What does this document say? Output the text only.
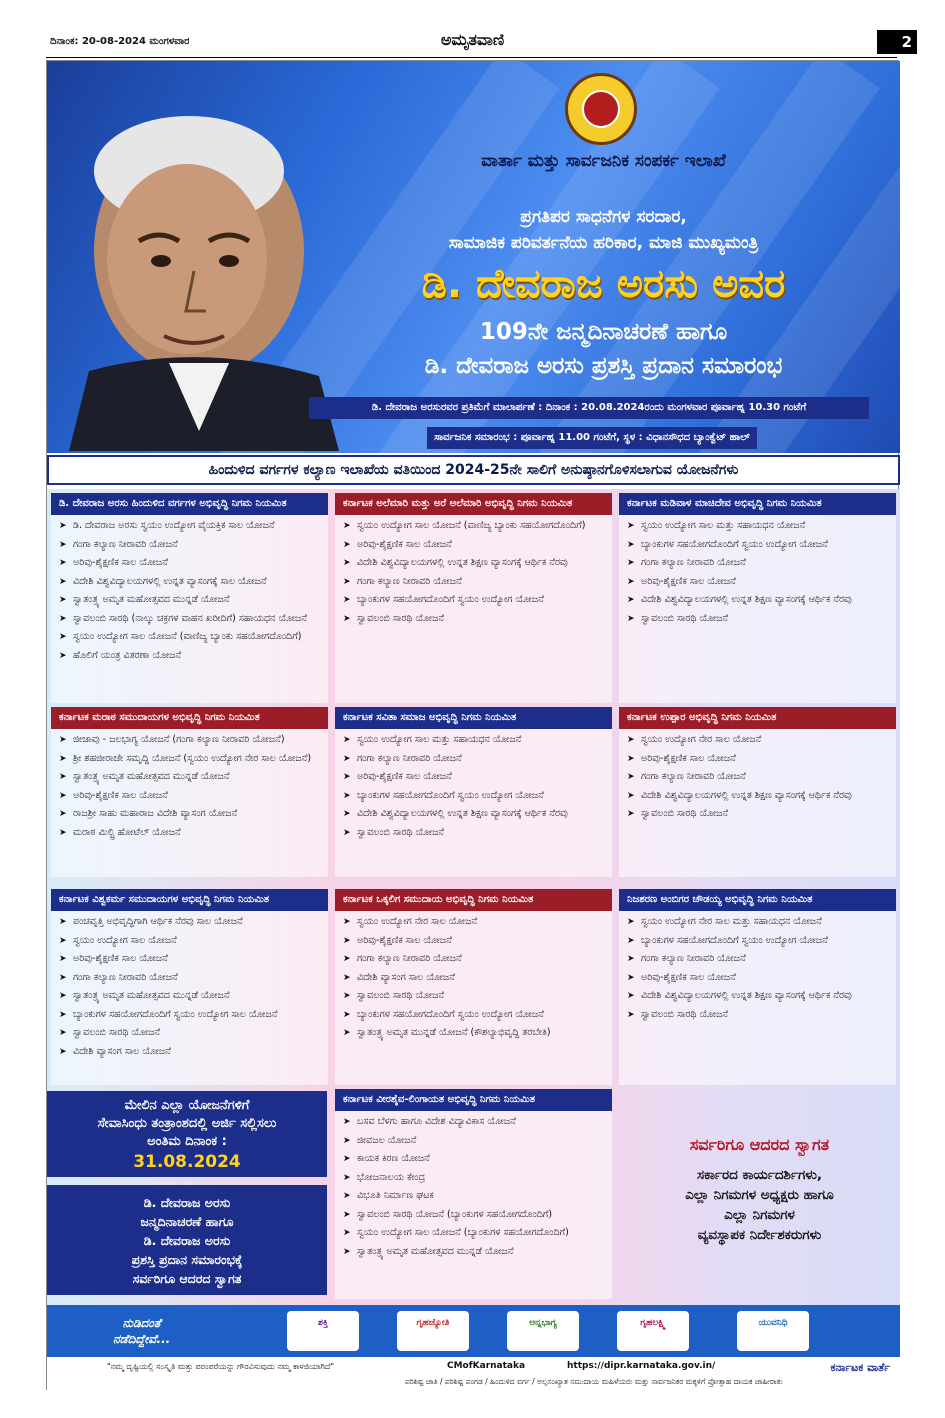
ದಿನಾಂಕ: 20-08-2024 ಮಂಗಳವಾರ	ಅಮೃತವಾಣಿ	2
ವಾರ್ತಾ ಮತ್ತು ಸಾರ್ವಜನಿಕ ಸಂಪರ್ಕ ಇಲಾಖೆ
ಪ್ರಗತಿಪರ ಸಾಧನೆಗಳ ಸರದಾರ,
ಸಾಮಾಜಿಕ ಪರಿವರ್ತನೆಯ ಹರಿಕಾರ, ಮಾಜಿ ಮುಖ್ಯಮಂತ್ರಿ
ಡಿ. ದೇವರಾಜ ಅರಸು ಅವರ
109ನೇ ಜನ್ಮದಿನಾಚರಣೆ ಹಾಗೂ
ಡಿ. ದೇವರಾಜ ಅರಸು ಪ್ರಶಸ್ತಿ ಪ್ರದಾನ ಸಮಾರಂಭ
ಡಿ. ದೇವರಾಜ ಅರಸುರವರ ಪ್ರತಿಮೆಗೆ ಮಾಲಾರ್ಪಣೆ : ದಿನಾಂಕ : 20.08.2024ರಂದು ಮಂಗಳವಾರ ಪೂರ್ವಾಹ್ನ 10.30 ಗಂಟೆಗೆ
ಸಾರ್ವಜನಿಕ ಸಮಾರಂಭ : ಪೂರ್ವಾಹ್ನ 11.00 ಗಂಟೆಗೆ, ಸ್ಥಳ : ವಿಧಾನಸೌಧದ ಬ್ಯಾಂಕ್ವೆಟ್ ಹಾಲ್
ಹಿಂದುಳಿದ ವರ್ಗಗಳ ಕಲ್ಯಾಣ ಇಲಾಖೆಯ ವತಿಯಿಂದ 2024-25ನೇ ಸಾಲಿಗೆ ಅನುಷ್ಠಾನಗೊಳಿಸಲಾಗುವ ಯೋಜನೆಗಳು
ಡಿ. ದೇವರಾಜ ಅರಸು ಹಿಂದುಳಿದ ವರ್ಗಗಳ ಅಭಿವೃದ್ಧಿ ನಿಗಮ ನಿಯಮಿತ
➤ ಡಿ. ದೇವರಾಜ ಅರಸು ಸ್ವಯಂ ಉದ್ಯೋಗ ವೈಯಕ್ತಿಕ ಸಾಲ ಯೋಜನೆ
➤ ಗಂಗಾ ಕಲ್ಯಾಣ ನೀರಾವರಿ ಯೋಜನೆ
➤ ಅರಿವು-ಶೈಕ್ಷಣಿಕ ಸಾಲ ಯೋಜನೆ
➤ ವಿದೇಶಿ ವಿಶ್ವವಿದ್ಯಾಲಯಗಳಲ್ಲಿ ಉನ್ನತ ವ್ಯಾಸಂಗಕ್ಕೆ ಸಾಲ ಯೋಜನೆ
➤ ಸ್ವಾತಂತ್ರ್ಯ ಅಮೃತ ಮಹೋತ್ಸವದ ಮುನ್ನಡೆ ಯೋಜನೆ
➤ ಸ್ವಾವಲಂಬಿ ಸಾರಥಿ (ನಾಲ್ಕು ಚಕ್ರಗಳ ವಾಹನ ಖರೀದಿಗೆ) ಸಹಾಯಧನ ಯೋಜನೆ
➤ ಸ್ವಯಂ ಉದ್ಯೋಗ ಸಾಲ ಯೋಜನೆ (ವಾಣಿಜ್ಯ ಬ್ಯಾಂಕು ಸಹಯೋಗದೊಂದಿಗೆ)
➤ ಹೊಲಿಗೆ ಯಂತ್ರ ವಿತರಣಾ ಯೋಜನೆ
ಕರ್ನಾಟಕ ಅಲೆಮಾರಿ ಮತ್ತು ಅರೆ ಅಲೆಮಾರಿ ಅಭಿವೃದ್ಧಿ ನಿಗಮ ನಿಯಮಿತ
➤ ಸ್ವಯಂ ಉದ್ಯೋಗ ಸಾಲ ಯೋಜನೆ (ವಾಣಿಜ್ಯ ಬ್ಯಾಂಕು ಸಹಯೋಗದೊಂದಿಗೆ)
➤ ಅರಿವು-ಶೈಕ್ಷಣಿಕ ಸಾಲ ಯೋಜನೆ
➤ ವಿದೇಶಿ ವಿಶ್ವವಿದ್ಯಾಲಯಗಳಲ್ಲಿ ಉನ್ನತ ಶಿಕ್ಷಣ ವ್ಯಾಸಂಗಕ್ಕೆ ಆರ್ಥಿಕ ನೆರವು
➤ ಗಂಗಾ ಕಲ್ಯಾಣ ನೀರಾವರಿ ಯೋಜನೆ
➤ ಬ್ಯಾಂಕುಗಳ ಸಹಯೋಗದೊಂದಿಗೆ ಸ್ವಯಂ ಉದ್ಯೋಗ ಯೋಜನೆ
➤ ಸ್ವಾವಲಂಬಿ ಸಾರಥಿ ಯೋಜನೆ
ಕರ್ನಾಟಕ ಮಡಿವಾಳ ಮಾಚಿದೇವ ಅಭಿವೃದ್ಧಿ ನಿಗಮ ನಿಯಮಿತ
➤ ಸ್ವಯಂ ಉದ್ಯೋಗ ಸಾಲ ಮತ್ತು ಸಹಾಯಧನ ಯೋಜನೆ
➤ ಬ್ಯಾಂಕುಗಳ ಸಹಯೋಗದೊಂದಿಗೆ ಸ್ವಯಂ ಉದ್ಯೋಗ ಯೋಜನೆ
➤ ಗಂಗಾ ಕಲ್ಯಾಣ ನೀರಾವರಿ ಯೋಜನೆ
➤ ಅರಿವು-ಶೈಕ್ಷಣಿಕ ಸಾಲ ಯೋಜನೆ
➤ ವಿದೇಶಿ ವಿಶ್ವವಿದ್ಯಾಲಯಗಳಲ್ಲಿ ಉನ್ನತ ಶಿಕ್ಷಣ ವ್ಯಾಸಂಗಕ್ಕೆ ಆರ್ಥಿಕ ನೆರವು
➤ ಸ್ವಾವಲಂಬಿ ಸಾರಥಿ ಯೋಜನೆ
ಕರ್ನಾಟಕ ಮರಾಠ ಸಮುದಾಯಗಳ ಅಭಿವೃದ್ಧಿ ನಿಗಮ ನಿಯಮಿತ
➤ ಜೀಜಾವು - ಜಲಭಾಗ್ಯ ಯೋಜನೆ (ಗಂಗಾ ಕಲ್ಯಾಣ ನೀರಾವರಿ ಯೋಜನೆ)
➤ ಶ್ರೀ ಶಹಜೀರಾಜೇ ಸಮೃದ್ಧಿ ಯೋಜನೆ (ಸ್ವಯಂ ಉದ್ಯೋಗ ನೇರ ಸಾಲ ಯೋಜನೆ)
➤ ಸ್ವಾತಂತ್ರ್ಯ ಅಮೃತ ಮಹೋತ್ಸವದ ಮುನ್ನಡೆ ಯೋಜನೆ
➤ ಅರಿವು-ಶೈಕ್ಷಣಿಕ ಸಾಲ ಯೋಜನೆ
➤ ರಾಜಶ್ರೀ ಸಾಹು ಮಹಾರಾಜ ವಿದೇಶಿ ವ್ಯಾಸಂಗ ಯೋಜನೆ
➤ ಮರಾಠ ಮಿಲ್ಟ್ರಿ ಹೋಟೆಲ್ ಯೋಜನೆ
ಕರ್ನಾಟಕ ಸವಿತಾ ಸಮಾಜ ಅಭಿವೃದ್ಧಿ ನಿಗಮ ನಿಯಮಿತ
➤ ಸ್ವಯಂ ಉದ್ಯೋಗ ಸಾಲ ಮತ್ತು ಸಹಾಯಧನ ಯೋಜನೆ
➤ ಗಂಗಾ ಕಲ್ಯಾಣ ನೀರಾವರಿ ಯೋಜನೆ
➤ ಅರಿವು-ಶೈಕ್ಷಣಿಕ ಸಾಲ ಯೋಜನೆ
➤ ಬ್ಯಾಂಕುಗಳ ಸಹಯೋಗದೊಂದಿಗೆ ಸ್ವಯಂ ಉದ್ಯೋಗ ಯೋಜನೆ
➤ ವಿದೇಶಿ ವಿಶ್ವವಿದ್ಯಾಲಯಗಳಲ್ಲಿ ಉನ್ನತ ಶಿಕ್ಷಣ ವ್ಯಾಸಂಗಕ್ಕೆ ಆರ್ಥಿಕ ನೆರವು
➤ ಸ್ವಾವಲಂಬಿ ಸಾರಥಿ ಯೋಜನೆ
ಕರ್ನಾಟಕ ಉಪ್ಪಾರ ಅಭಿವೃದ್ಧಿ ನಿಗಮ ನಿಯಮಿತ
➤ ಸ್ವಯಂ ಉದ್ಯೋಗ ನೇರ ಸಾಲ ಯೋಜನೆ
➤ ಅರಿವು-ಶೈಕ್ಷಣಿಕ ಸಾಲ ಯೋಜನೆ
➤ ಗಂಗಾ ಕಲ್ಯಾಣ ನೀರಾವರಿ ಯೋಜನೆ
➤ ವಿದೇಶಿ ವಿಶ್ವವಿದ್ಯಾಲಯಗಳಲ್ಲಿ ಉನ್ನತ ಶಿಕ್ಷಣ ವ್ಯಾಸಂಗಕ್ಕೆ ಆರ್ಥಿಕ ನೆರವು
➤ ಸ್ವಾವಲಂಬಿ ಸಾರಥಿ ಯೋಜನೆ
ಕರ್ನಾಟಕ ವಿಶ್ವಕರ್ಮ ಸಮುದಾಯಗಳ ಅಭಿವೃದ್ಧಿ ನಿಗಮ ನಿಯಮಿತ
➤ ಪಂಚವೃತ್ತಿ ಅಭಿವೃದ್ಧಿಗಾಗಿ ಆರ್ಥಿಕ ನೆರವು ಸಾಲ ಯೋಜನೆ
➤ ಸ್ವಯಂ ಉದ್ಯೋಗ ಸಾಲ ಯೋಜನೆ
➤ ಅರಿವು-ಶೈಕ್ಷಣಿಕ ಸಾಲ ಯೋಜನೆ
➤ ಗಂಗಾ ಕಲ್ಯಾಣ ನೀರಾವರಿ ಯೋಜನೆ
➤ ಸ್ವಾತಂತ್ರ್ಯ ಅಮೃತ ಮಹೋತ್ಸವದ ಮುನ್ನಡೆ ಯೋಜನೆ
➤ ಬ್ಯಾಂಕುಗಳ ಸಹಯೋಗದೊಂದಿಗೆ ಸ್ವಯಂ ಉದ್ಯೋಗ ಸಾಲ ಯೋಜನೆ
➤ ಸ್ವಾವಲಂಬಿ ಸಾರಥಿ ಯೋಜನೆ
➤ ವಿದೇಶಿ ವ್ಯಾಸಂಗ ಸಾಲ ಯೋಜನೆ
ಕರ್ನಾಟಕ ಒಕ್ಕಲಿಗ ಸಮುದಾಯ ಅಭಿವೃದ್ಧಿ ನಿಗಮ ನಿಯಮಿತ
➤ ಸ್ವಯಂ ಉದ್ಯೋಗ ನೇರ ಸಾಲ ಯೋಜನೆ
➤ ಅರಿವು-ಶೈಕ್ಷಣಿಕ ಸಾಲ ಯೋಜನೆ
➤ ಗಂಗಾ ಕಲ್ಯಾಣ ನೀರಾವರಿ ಯೋಜನೆ
➤ ವಿದೇಶಿ ವ್ಯಾಸಂಗ ಸಾಲ ಯೋಜನೆ
➤ ಸ್ವಾವಲಂಬಿ ಸಾರಥಿ ಯೋಜನೆ
➤ ಬ್ಯಾಂಕುಗಳ ಸಹಯೋಗದೊಂದಿಗೆ ಸ್ವಯಂ ಉದ್ಯೋಗ ಯೋಜನೆ
➤ ಸ್ವಾತಂತ್ರ್ಯ ಅಮೃತ ಮುನ್ನಡೆ ಯೋಜನೆ (ಕೌಶಲ್ಯಾಭಿವೃದ್ಧಿ ತರಬೇತಿ)
ನಿಜಶರಣ ಅಂಬಿಗರ ಚೌಡಯ್ಯ ಅಭಿವೃದ್ಧಿ ನಿಗಮ ನಿಯಮಿತ
➤ ಸ್ವಯಂ ಉದ್ಯೋಗ ನೇರ ಸಾಲ ಮತ್ತು ಸಹಾಯಧನ ಯೋಜನೆ
➤ ಬ್ಯಾಂಕುಗಳ ಸಹಯೋಗದೊಂದಿಗೆ ಸ್ವಯಂ ಉದ್ಯೋಗ ಯೋಜನೆ
➤ ಗಂಗಾ ಕಲ್ಯಾಣ ನೀರಾವರಿ ಯೋಜನೆ
➤ ಅರಿವು-ಶೈಕ್ಷಣಿಕ ಸಾಲ ಯೋಜನೆ
➤ ವಿದೇಶಿ ವಿಶ್ವವಿದ್ಯಾಲಯಗಳಲ್ಲಿ ಉನ್ನತ ಶಿಕ್ಷಣ ವ್ಯಾಸಂಗಕ್ಕೆ ಆರ್ಥಿಕ ನೆರವು
➤ ಸ್ವಾವಲಂಬಿ ಸಾರಥಿ ಯೋಜನೆ
ಕರ್ನಾಟಕ ವೀರಶೈವ-ಲಿಂಗಾಯತ ಅಭಿವೃದ್ಧಿ ನಿಗಮ ನಿಯಮಿತ
➤ ಬಸವ ಬೆಳಗು ಹಾಗೂ ವಿದೇಶ ವಿದ್ಯಾವಿಕಾಸ ಯೋಜನೆ
➤ ಜೀವಜಲ ಯೋಜನೆ
➤ ಕಾಯಕ ಕಿರಣ ಯೋಜನೆ
➤ ಭೋಜನಾಲಯ ಕೇಂದ್ರ
➤ ವಿಭೂತಿ ನಿರ್ಮಾಣ ಘಟಕ
➤ ಸ್ವಾವಲಂಬಿ ಸಾರಥಿ ಯೋಜನೆ (ಬ್ಯಾಂಕುಗಳ ಸಹಯೋಗದೊಂದಿಗೆ)
➤ ಸ್ವಯಂ ಉದ್ಯೋಗ ಸಾಲ ಯೋಜನೆ (ಬ್ಯಾಂಕುಗಳ ಸಹಯೋಗದೊಂದಿಗೆ)
➤ ಸ್ವಾತಂತ್ರ್ಯ ಅಮೃತ ಮಹೋತ್ಸವದ ಮುನ್ನಡೆ ಯೋಜನೆ
ಮೇಲಿನ ಎಲ್ಲಾ ಯೋಜನೆಗಳಿಗೆ
ಸೇವಾಸಿಂಧು ತಂತ್ರಾಂಶದಲ್ಲಿ ಅರ್ಜಿ ಸಲ್ಲಿಸಲು
ಅಂತಿಮ ದಿನಾಂಕ :
31.08.2024
ಡಿ. ದೇವರಾಜ ಅರಸು
ಜನ್ಮದಿನಾಚರಣೆ ಹಾಗೂ
ಡಿ. ದೇವರಾಜ ಅರಸು
ಪ್ರಶಸ್ತಿ ಪ್ರದಾನ ಸಮಾರಂಭಕ್ಕೆ
ಸರ್ವರಿಗೂ ಆದರದ ಸ್ವಾಗತ
ಸರ್ವರಿಗೂ ಆದರದ ಸ್ವಾಗತ
ಸರ್ಕಾರದ ಕಾರ್ಯದರ್ಶಿಗಳು,
ಎಲ್ಲಾ ನಿಗಮಗಳ ಅಧ್ಯಕ್ಷರು ಹಾಗೂ
ಎಲ್ಲಾ ನಿಗಮಗಳ
ವ್ಯವಸ್ಥಾಪಕ ನಿರ್ದೇಶಕರುಗಳು
ನುಡಿದಂತೆ
ನಡೆದಿದ್ದೇವೆ...
ಶಕ್ತಿ	ಗೃಹಜ್ಯೋತಿ	ಅನ್ನಭಾಗ್ಯ	ಗೃಹಲಕ್ಷ್ಮಿ	ಯುವನಿಧಿ
"ನಮ್ಮ ದೃಷ್ಟಿಯಲ್ಲಿ ಸಂಸ್ಕೃತಿ ಮತ್ತು ಪರಂಪರೆಯನ್ನು ಗೌರವಿಸುವುದು ನಮ್ಮ ಕಾಳಜಿಯಾಗಿದೆ"	CMofKarnataka	https://dipr.karnataka.gov.in/	ಕರ್ನಾಟಕ ವಾರ್ತೆ
ಪರಿಶಿಷ್ಟ ಜಾತಿ / ಪರಿಶಿಷ್ಟ ಪಂಗಡ / ಹಿಂದುಳಿದ ವರ್ಗ / ಅಲ್ಪಸಂಖ್ಯಾತ ಸಮುದಾಯ ಮಹಿಳೆಯರು ಮತ್ತು ಸಾರ್ವಜನಿಕರ ಮಕ್ಕಳಿಗೆ ಪ್ರೋತ್ಸಾಹ ದಾಯಕ ಜಾಹೀರಾತು
